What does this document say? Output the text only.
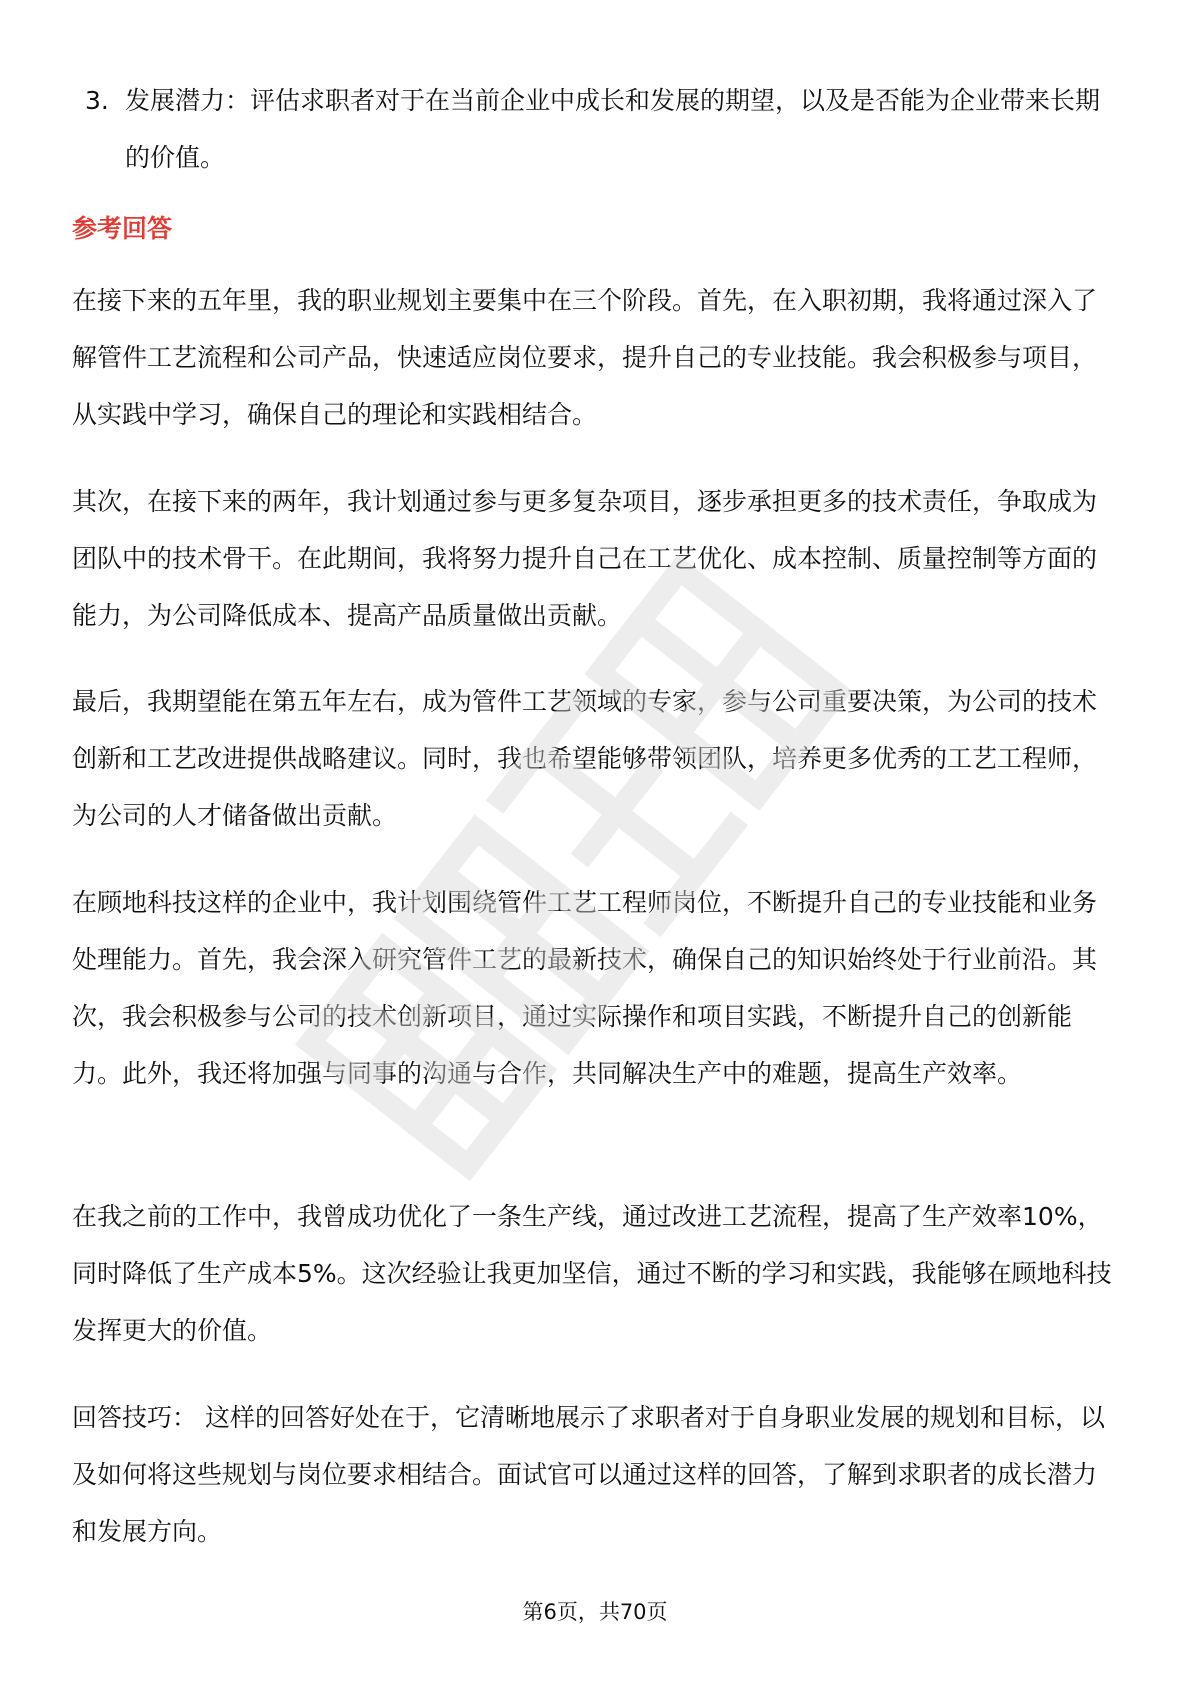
3. 发展潜力：评估求职者对于在当前企业中成长和发展的期望，以及是否能为企业带来长期的价值。
参考回答

在接下来的五年里，我的职业规划主要集中在三个阶段。首先，在入职初期，我将通过深入了解管件工艺流程和公司产品，快速适应岗位要求，提升自己的专业技能。我会积极参与项目，从实践中学习，确保自己的理论和实践相结合。

其次，在接下来的两年，我计划通过参与更多复杂项目，逐步承担更多的技术责任，争取成为团队中的技术骨干。在此期间，我将努力提升自己在工艺优化、成本控制、质量控制等方面的能力，为公司降低成本、提高产品质量做出贡献。

最后，我期望能在第五年左右，成为管件工艺领域的专家，参与公司重要决策，为公司的技术创新和工艺改进提供战略建议。同时，我也希望能够带领团队，培养更多优秀的工艺工程师，为公司的人才储备做出贡献。

在顾地科技这样的企业中，我计划围绕管件工艺工程师岗位，不断提升自己的专业技能和业务处理能力。首先，我会深入研究管件工艺的最新技术，确保自己的知识始终处于行业前沿。其次，我会积极参与公司的技术创新项目，通过实际操作和项目实践，不断提升自己的创新能力。此外，我还将加强与同事的沟通与合作，共同解决生产中的难题，提高生产效率。

在我之前的工作中，我曾成功优化了一条生产线，通过改进工艺流程，提高了生产效率10%，同时降低了生产成本5%。这次经验让我更加坚信，通过不断的学习和实践，我能够在顾地科技发挥更大的价值。

回答技巧： 这样的回答好处在于，它清晰地展示了求职者对于自身职业发展的规划和目标，以及如何将这些规划与岗位要求相结合。面试官可以通过这样的回答，了解到求职者的成长潜力和发展方向。

第6页，共70页
